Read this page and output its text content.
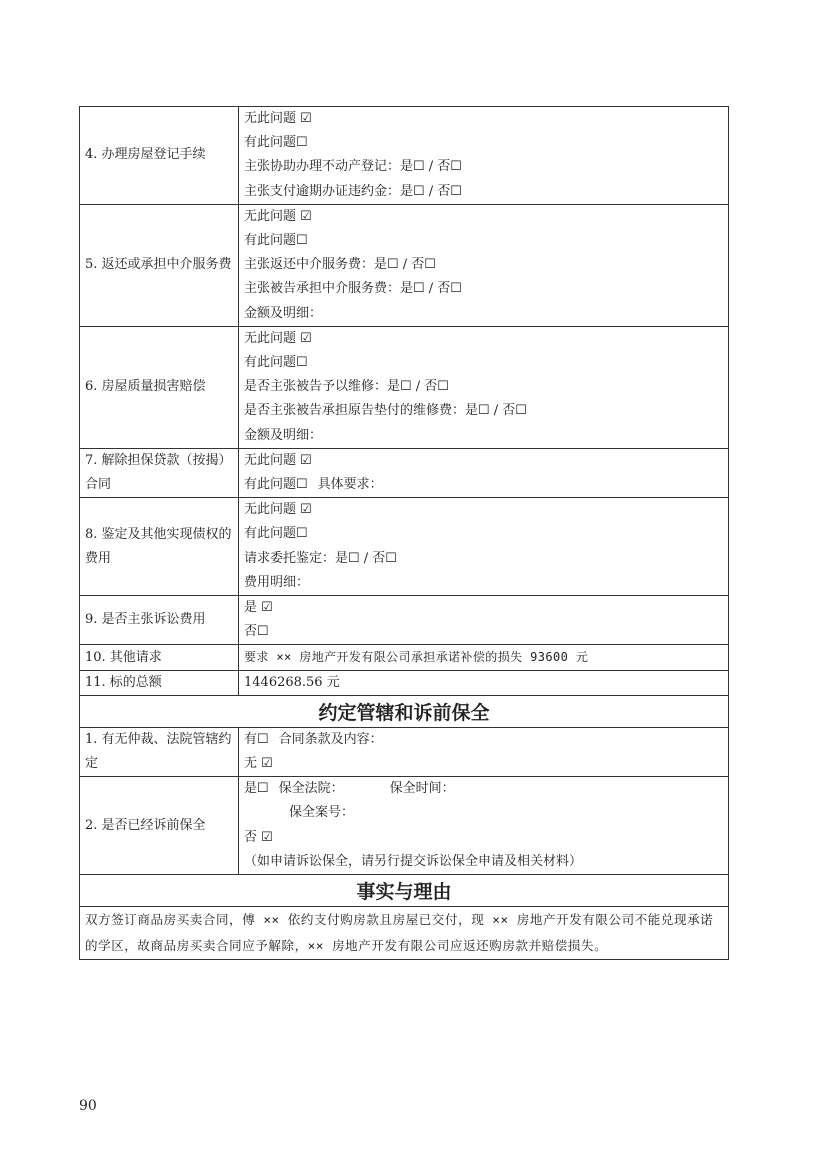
4. 办理房屋登记手续	无此问题 ☑
有此问题☐
主张协助办理不动产登记：是☐ / 否☐
主张支付逾期办证违约金：是☐ / 否☐

5. 返还或承担中介服务费	无此问题 ☑
有此问题☐
主张返还中介服务费：是☐ / 否☐
主张被告承担中介服务费：是☐ / 否☐
金额及明细：

6. 房屋质量损害赔偿	无此问题 ☑
有此问题☐
是否主张被告予以维修：是☐ / 否☐
是否主张被告承担原告垫付的维修费：是☐ / 否☐
金额及明细：

7. 解除担保贷款（按揭）合同	无此问题 ☑
有此问题☐ 具体要求：

8. 鉴定及其他实现债权的费用	无此问题 ☑
有此问题☐
请求委托鉴定：是☐ / 否☐
费用明细：

9. 是否主张诉讼费用	是 ☑
否☐

10. 其他请求	要求 ×× 房地产开发有限公司承担承诺补偿的损失 93600 元

11. 标的总额	1446268.56 元

约定管辖和诉前保全	
1. 有无仲裁、法院管辖约定	有☐ 合同条款及内容：
无 ☑

2. 是否已经诉前保全	是☐ 保全法院： 保全时间：
保全案号：
否 ☑
（如申请诉讼保全，请另行提交诉讼保全申请及相关材料）

事实与理由	
双方签订商品房买卖合同，傅 ×× 依约支付购房款且房屋已交付，现 ×× 房地产开发有限公司不能兑现承诺的学区，故商品房买卖合同应予解除，×× 房地产开发有限公司应返还购房款并赔偿损失。	
90
